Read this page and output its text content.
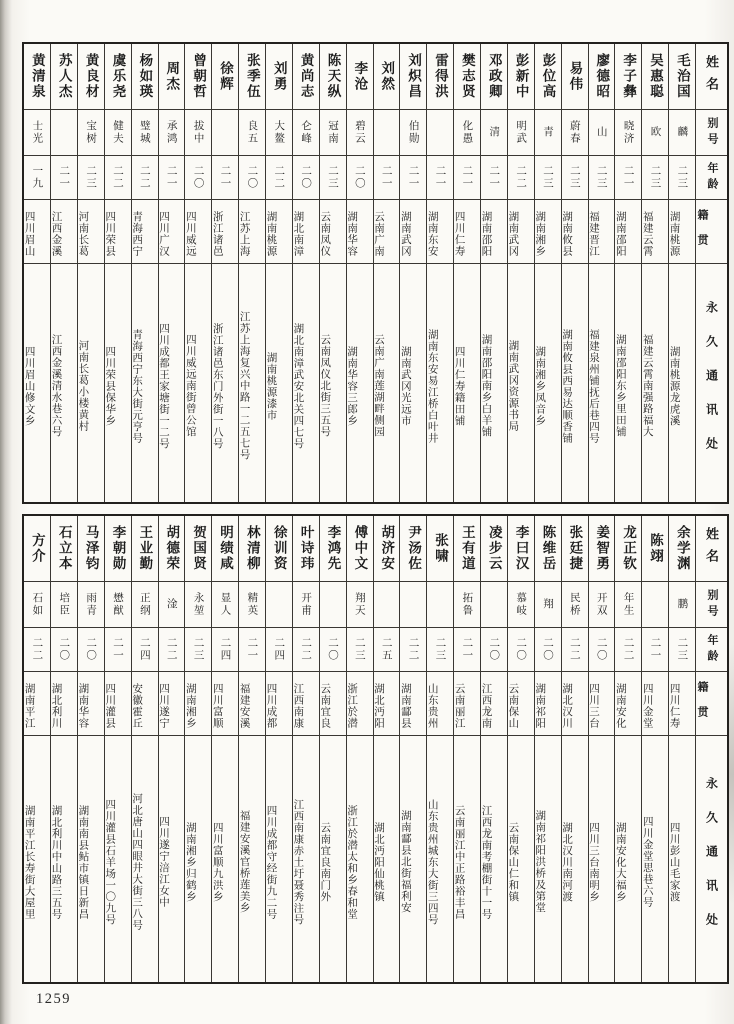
姓名
别号
年龄
籍贯
永久通讯处
毛治国
麟
二三
湖南桃源
湖南桃源龙虎溪
吴惠聪
欧
二三
福建云霄
福建云霄南强路福大
李子彝
晓济
二一
湖南邵阳
湖南邵阳东乡里田铺
廖德昭
山
二三
福建晋江
福建泉州铺抚后巷四号
易伟
蔚春
二三
湖南攸县
湖南攸县西易达顺香铺
彭位高
青
二三
湖南湘乡
湖南湘乡凤音乡
彭新中
明武
二二
湖南武冈
湖南武冈资源书局
邓政卿
清
二一
湖南邵阳
湖南邵阳南乡白羊铺
樊志贤
化愚
二一
四川仁寿
四川仁寿籍田铺
雷得洪
二一
湖南东安
湖南东安易江桥白叶井
刘炽昌
伯勋
二一
湖南武冈
湖南武冈光远市
刘然
二一
云南广南
云南广南莲湖畔侧园
李沧
碧云
二〇
湖南华容
湖南华容三郎乡
陈天纵
冠南
二三
云南凤仪
云南凤仪北街三五号
黄尚志
仑峰
二〇
湖北南漳
湖北南漳武安北关四七号
刘勇
大鳌
二二
湖南桃源
湖南桃源漆市
张季伍
良五
二〇
江苏上海
江苏上海复兴中路一二五七号
徐辉
二一
浙江诸邑
浙江诸邑东门外街一八号
曾朝哲
拔中
二〇
四川威远
四川威远南街曾公馆
周杰
承鸿
二一
四川广汉
四川成都王家塘街一二号
杨如瑛
璧城
二二
青海西宁
青海西宁东大街元亨号
虞乐尧
健夫
二二
四川荣县
四川荣县保华乡
黄良材
宝树
二三
河南长葛
河南长葛小楼黄村
苏人杰
二一
江西金溪
江西金溪清水巷六号
黄清泉
士光
一九
四川眉山
四川眉山修文乡
姓名
别号
年龄
籍贯
永久通讯处
余学渊
鹏
二三
四川仁寿
四川彭山毛家渡
陈翊
二一
四川金堂
四川金堂思巷六号
龙正钦
年生
二二
湖南安化
湖南安化大福乡
姜智勇
开双
二〇
四川三台
四川三台南明乡
张廷捷
民桥
二二
湖北汉川
湖北汉川南河渡
陈维岳
翔
二〇
湖南祁阳
湖南祁阳洪桥及第堂
李曰汉
慕岐
二〇
云南保山
云南保山仁和镇
凌步云
二〇
江西龙南
江西龙南考棚街十一号
王有道
拓鲁
二一
云南丽江
云南丽江中正路裕丰昌
张啸
二三
山东贵州
山东贵州城东大街三四号
尹汤佐
二二
湖南酃县
湖南酃县北街福利安
胡济安
二五
湖北沔阳
湖北沔阳仙桃镇
傅中文
翔天
二三
浙江於潜
浙江於潜太和乡春和堂
李鸿先
二〇
云南宜良
云南宜良南门外
叶诗玮
开甫
二二
江西南康
江西南康赤土圩聂秀注号
徐训资
二四
四川成都
四川成都守经街九二号
林清柳
精英
二一
福建安溪
福建安溪官桥莲美乡
明绩咸
显人
二四
四川富顺
四川富顺九洪乡
贺国贤
永堃
二三
湖南湘乡
湖南湘乡归鹤乡
胡德荣
淦
二二
四川遂宁
四川遂宁涪江女中
王业勤
正纲
二四
安徽霍丘
河北唐山四眼井大街三八号
李朝勋
懋猷
二一
四川灌县
四川灌县石羊场一〇九号
马泽钧
雨青
二〇
湖南华容
湖南南县鲇市镇日新昌
石立本
培臣
二〇
湖北利川
湖北利川中山路三五号
方介
石如
二二
湖南平江
湖南平江长寿街大屋里
1259
